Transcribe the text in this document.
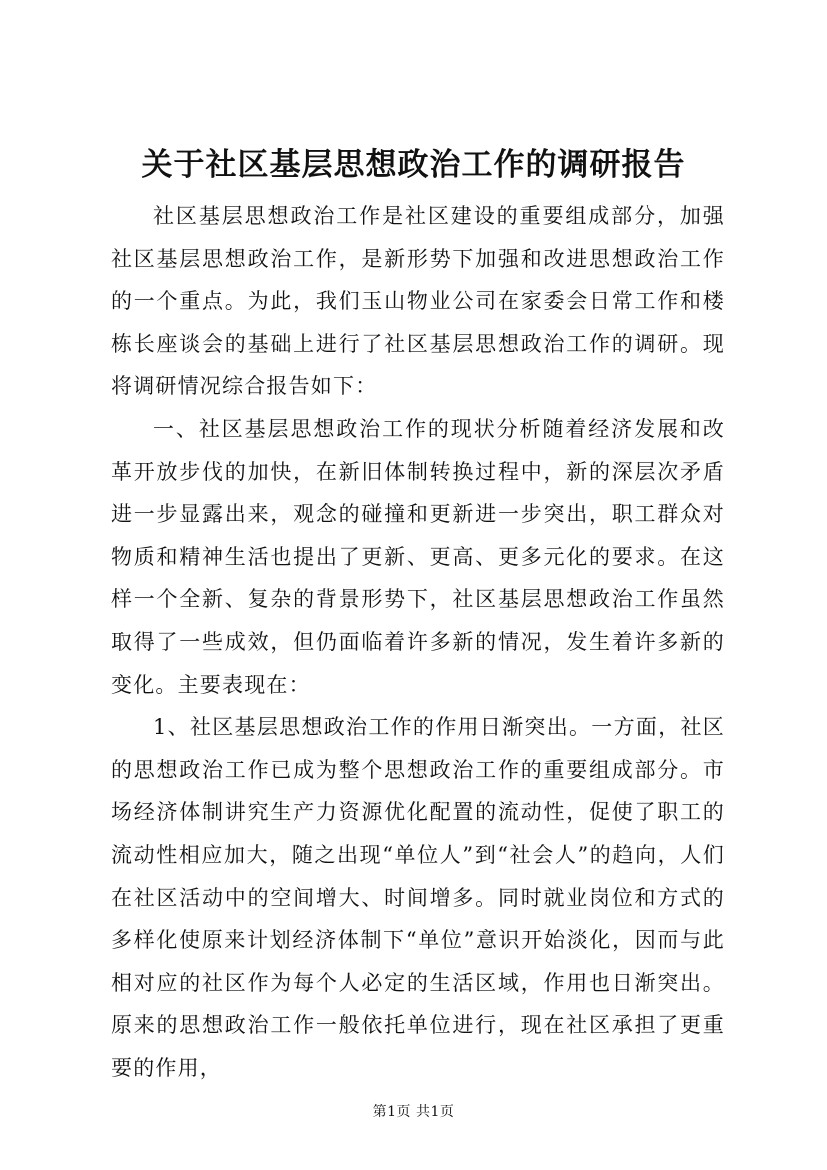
关于社区基层思想政治工作的调研报告

社区基层思想政治工作是社区建设的重要组成部分，加强社区基层思想政治工作，是新形势下加强和改进思想政治工作的一个重点。为此，我们玉山物业公司在家委会日常工作和楼栋长座谈会的基础上进行了社区基层思想政治工作的调研。现将调研情况综合报告如下：

一、社区基层思想政治工作的现状分析随着经济发展和改革开放步伐的加快，在新旧体制转换过程中，新的深层次矛盾进一步显露出来，观念的碰撞和更新进一步突出，职工群众对物质和精神生活也提出了更新、更高、更多元化的要求。在这样一个全新、复杂的背景形势下，社区基层思想政治工作虽然取得了一些成效，但仍面临着许多新的情况，发生着许多新的变化。主要表现在：

1、社区基层思想政治工作的作用日渐突出。一方面，社区的思想政治工作已成为整个思想政治工作的重要组成部分。市场经济体制讲究生产力资源优化配置的流动性，促使了职工的流动性相应加大，随之出现“单位人”到“社会人”的趋向，人们在社区活动中的空间增大、时间增多。同时就业岗位和方式的多样化使原来计划经济体制下“单位”意识开始淡化，因而与此相对应的社区作为每个人必定的生活区域，作用也日渐突出。原来的思想政治工作一般依托单位进行，现在社区承担了更重要的作用，

第1页 共1页
